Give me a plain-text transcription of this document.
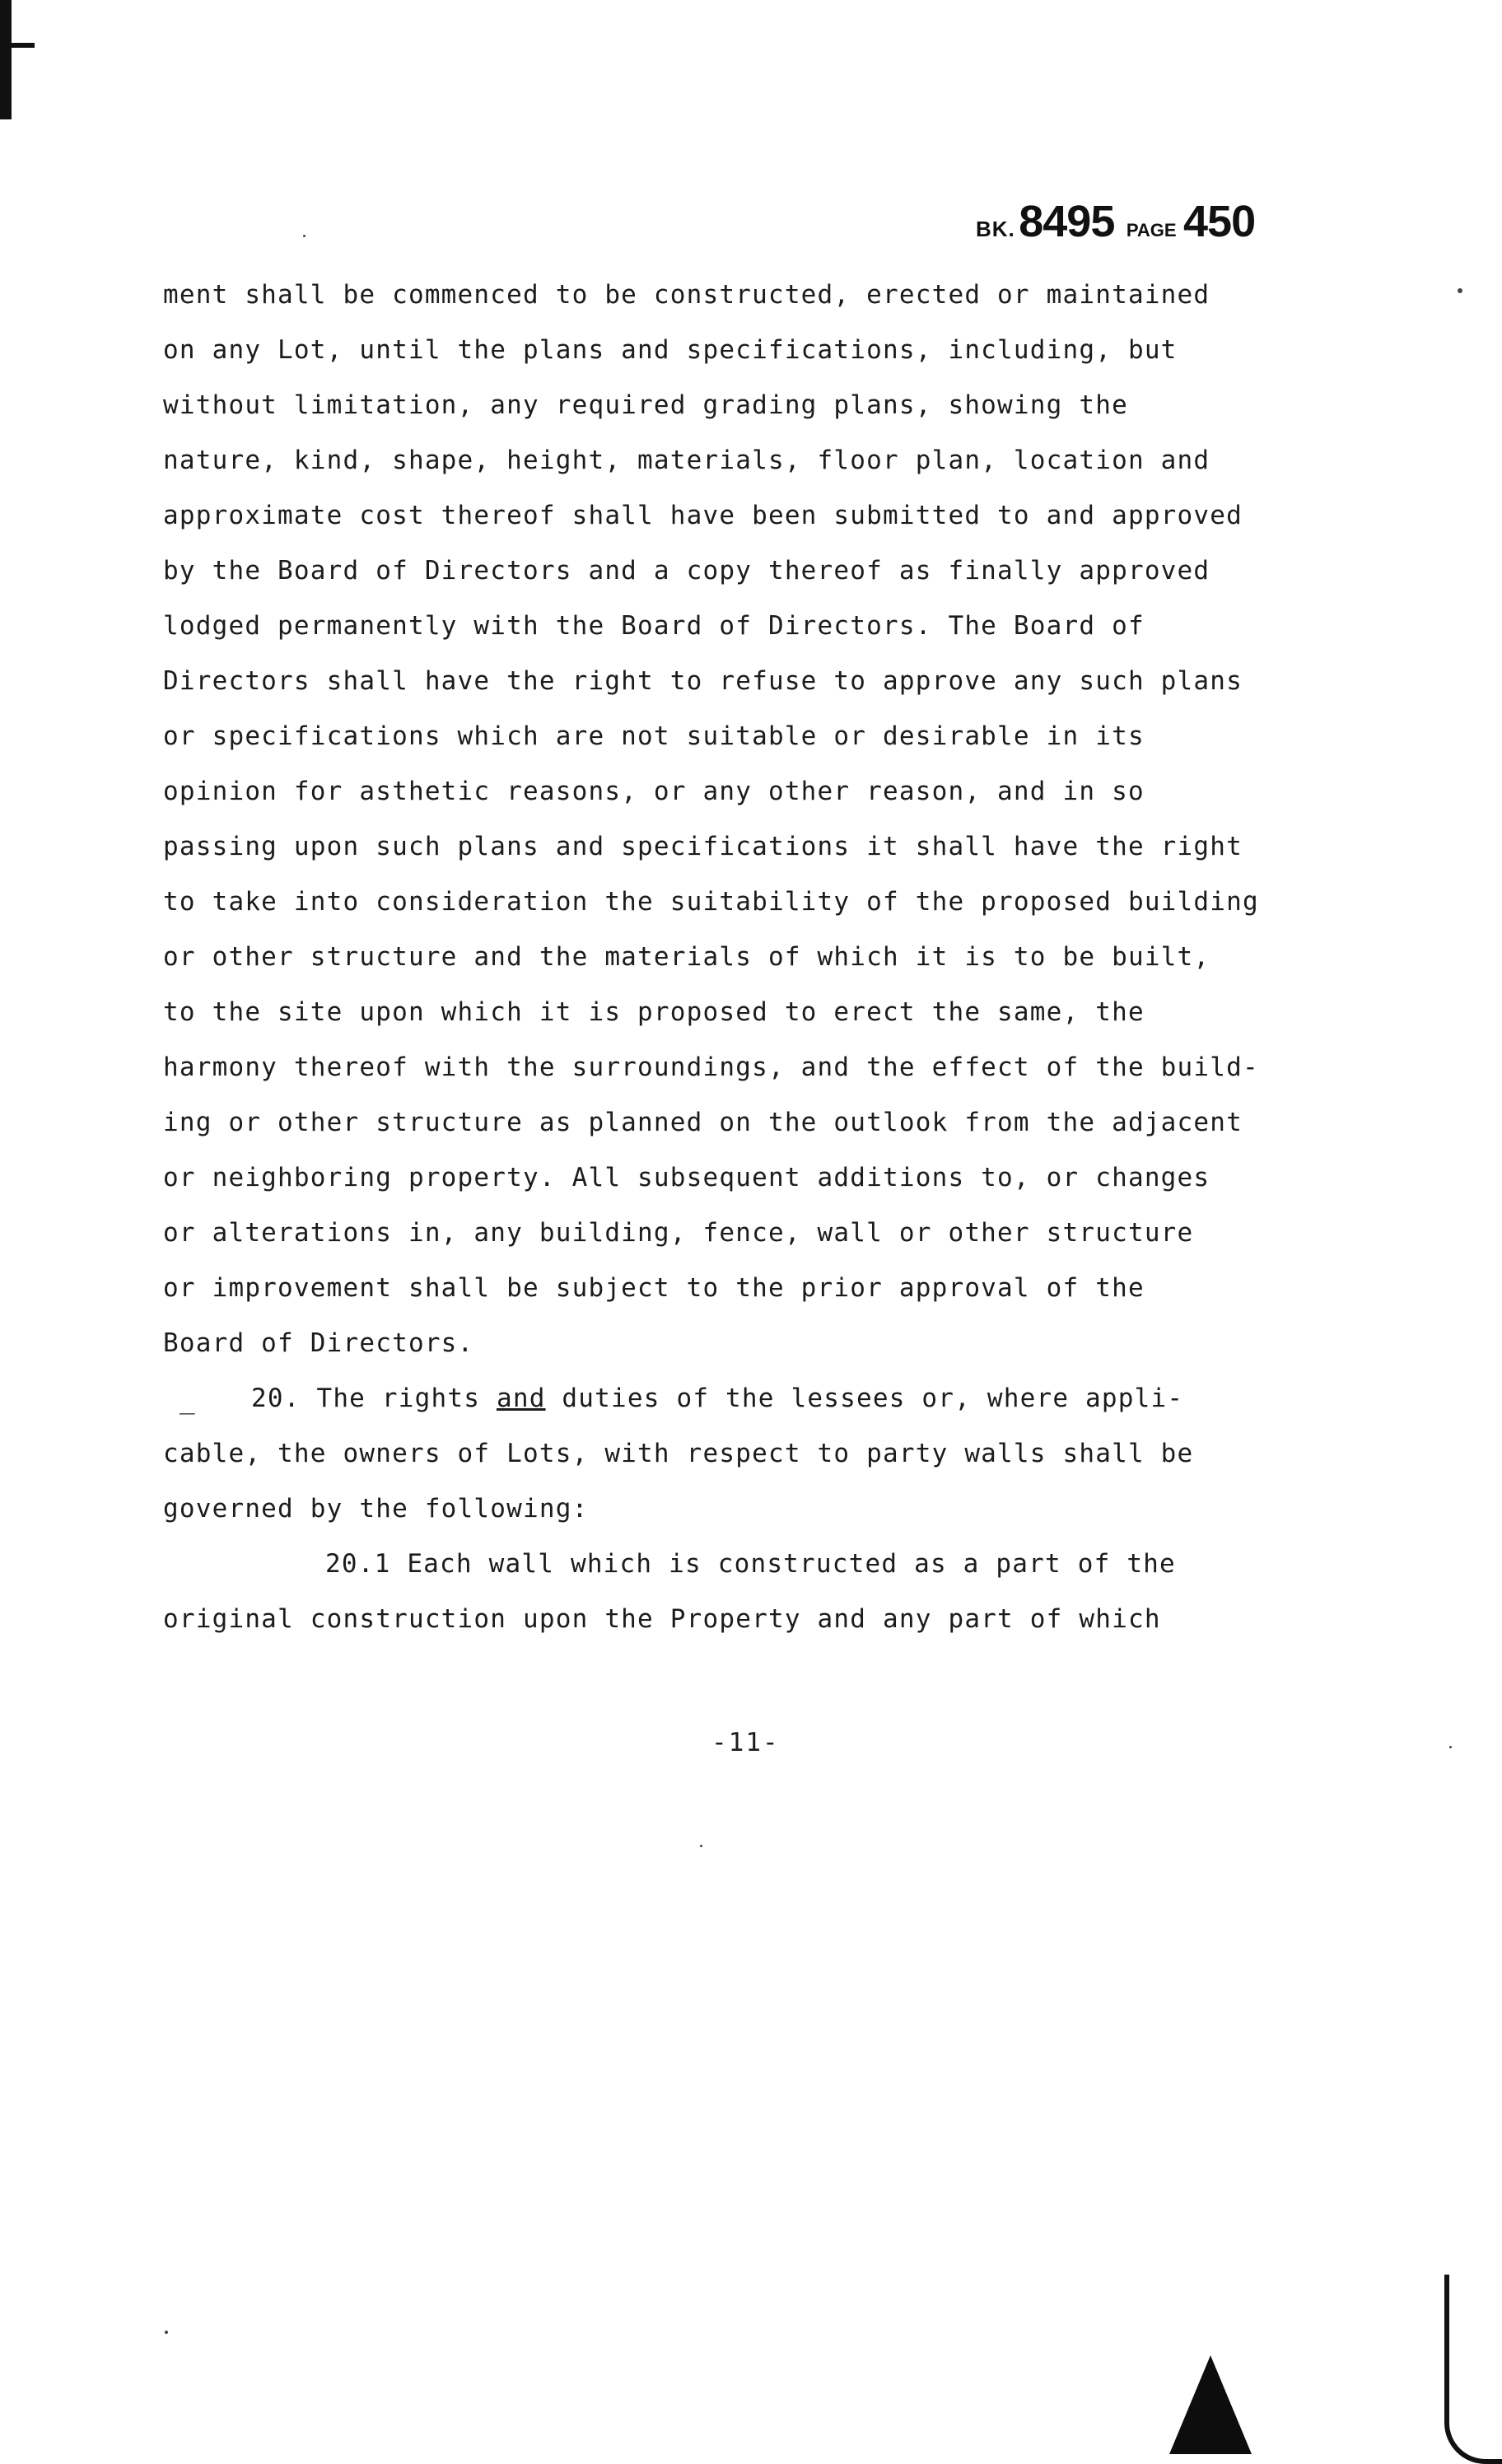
BK. 8495 PAGE 450
ment shall be commenced to be constructed, erected or maintained
on any Lot, until the plans and specifications, including, but
without limitation, any required grading plans, showing the
nature, kind, shape, height, materials, floor plan, location and
approximate cost thereof shall have been submitted to and approved
by the Board of Directors and a copy thereof as finally approved
lodged permanently with the Board of Directors. The Board of
Directors shall have the right to refuse to approve any such plans
or specifications which are not suitable or desirable in its
opinion for asthetic reasons, or any other reason, and in so
passing upon such plans and specifications it shall have the right
to take into consideration the suitability of the proposed building
or other structure and the materials of which it is to be built,
to the site upon which it is proposed to erect the same, the
harmony thereof with the surroundings, and the effect of the build-
ing or other structure as planned on the outlook from the adjacent
or neighboring property. All subsequent additions to, or changes
or alterations in, any building, fence, wall or other structure
or improvement shall be subject to the prior approval of the
Board of Directors.
_ 20. The rights and duties of the lessees or, where appli-
cable, the owners of Lots, with respect to party walls shall be
governed by the following:
20.1 Each wall which is constructed as a part of the
original construction upon the Property and any part of which
-11-
